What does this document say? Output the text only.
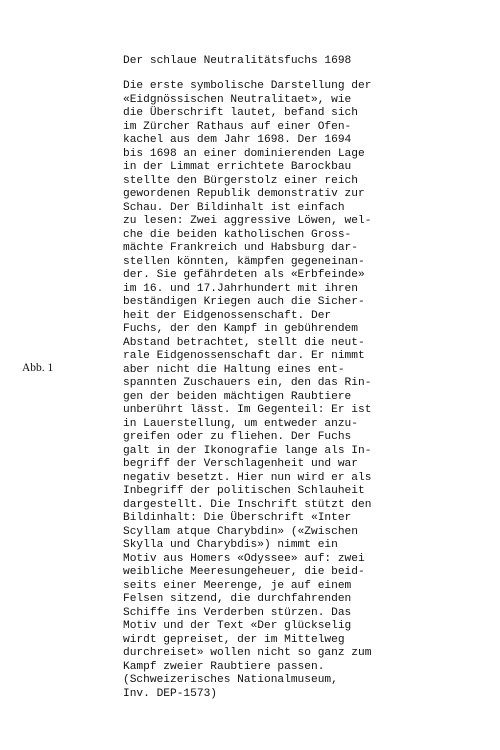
Der schlaue Neutralitätsfuchs 1698
Abb. 1
Die erste symbolische Darstellung der
«Eidgnössischen Neutralitaet», wie
die Überschrift lautet, befand sich
im Zürcher Rathaus auf einer Ofen-
kachel aus dem Jahr 1698. Der 1694
bis 1698 an einer dominierenden Lage
in der Limmat errichtete Barockbau
stellte den Bürgerstolz einer reich
gewordenen Republik demonstrativ zur
Schau. Der Bildinhalt ist einfach
zu lesen: Zwei aggressive Löwen, wel-
che die beiden katholischen Gross-
mächte Frankreich und Habsburg dar-
stellen könnten, kämpfen gegeneinan-
der. Sie gefährdeten als «Erbfeinde»
im 16. und 17.Jahrhundert mit ihren
beständigen Kriegen auch die Sicher-
heit der Eidgenossenschaft. Der
Fuchs, der den Kampf in gebührendem
Abstand betrachtet, stellt die neut-
rale Eidgenossenschaft dar. Er nimmt
aber nicht die Haltung eines ent-
spannten Zuschauers ein, den das Rin-
gen der beiden mächtigen Raubtiere
unberührt lässt. Im Gegenteil: Er ist
in Lauerstellung, um entweder anzu-
greifen oder zu fliehen. Der Fuchs
galt in der Ikonografie lange als In-
begriff der Verschlagenheit und war
negativ besetzt. Hier nun wird er als
Inbegriff der politischen Schlauheit
dargestellt. Die Inschrift stützt den
Bildinhalt: Die Überschrift «Inter
Scyllam atque Charybdin» («Zwischen
Skylla und Charybdis») nimmt ein
Motiv aus Homers «Odyssee» auf: zwei
weibliche Meeresungeheuer, die beid-
seits einer Meerenge, je auf einem
Felsen sitzend, die durchfahrenden
Schiffe ins Verderben stürzen. Das
Motiv und der Text «Der glückselig
wirdt gepreiset, der im Mittelweg
durchreiset» wollen nicht so ganz zum
Kampf zweier Raubtiere passen.
(Schweizerisches Nationalmuseum,
Inv. DEP-1573)
